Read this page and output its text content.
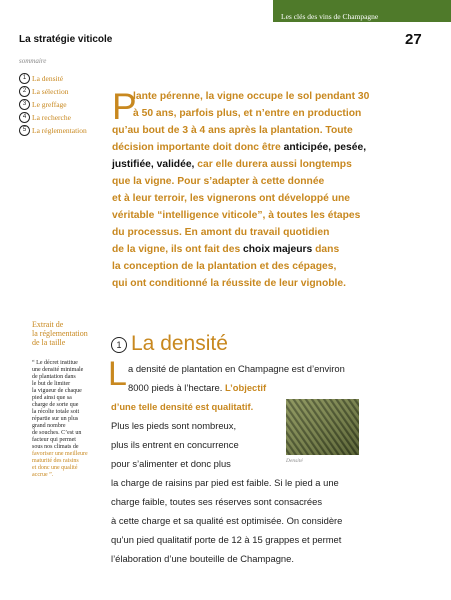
Les clés des vins de Champagne
La stratégie viticole	27
sommaire
1 La densité
2 La sélection
3 Le greffage
4 La recherche
5 La réglementation
P
lante pérenne, la vigne occupe le sol pendant 30
à 50 ans, parfois plus, et n’entre en production
qu’au bout de 3 à 4 ans après la plantation. Toute
décision importante doit donc être anticipée, pesée,
justifiée, validée, car elle durera aussi longtemps
que la vigne. Pour s’adapter à cette donnée
et à leur terroir, les vignerons ont développé une
véritable “intelligence viticole”, à toutes les étapes
du processus. En amont du travail quotidien
de la vigne, ils ont fait des choix majeurs dans
la conception de la plantation et des cépages,
qui ont conditionné la réussite de leur vignoble.
Extrait de
la réglementation
de la taille
“ Le décret institue
une densité minimale
de plantation dans
le but de limiter
la vigueur de chaque
pied ainsi que sa
charge de sorte que
la récolte totale soit
répartie sur un plus
grand nombre
de souches. C’est un
facteur qui permet
sous nos climats de
favoriser une meilleure
maturité des raisins
et donc une qualité
accrue ”.
1 La densité
L a densité de plantation en Champagne est d’environ
8000 pieds à l’hectare. L’objectif
d’une telle densité est qualitatif.
Plus les pieds sont nombreux,
plus ils entrent en concurrence
pour s’alimenter et donc plus
la charge de raisins par pied est faible. Si le pied a une
charge faible, toutes ses réserves sont consacrées
à cette charge et sa qualité est optimisée. On considère
qu’un pied qualitatif porte de 12 à 15 grappes et permet
l’élaboration d’une bouteille de Champagne.
Densité
